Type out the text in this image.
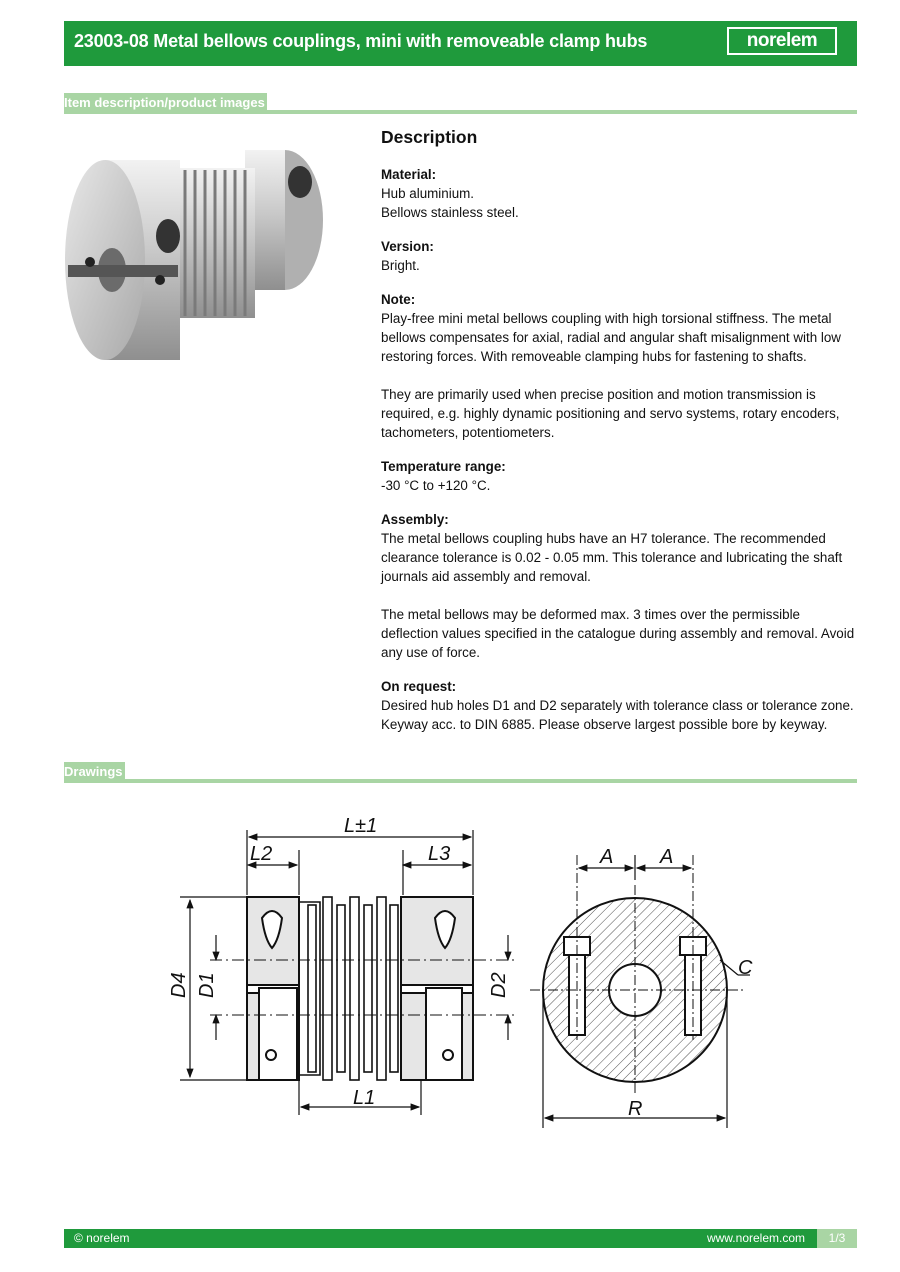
23003-08 Metal bellows couplings, mini with removeable clamp hubs	norelem
Item description/product images
Description
Material:

Hub aluminium.

Bellows stainless steel.

Version:

Bright.

Note:

Play-free mini metal bellows coupling with high torsional stiffness. The metal bellows compensates for axial, radial and angular shaft misalignment with low restoring forces. With removeable clamping hubs for fastening to shafts.

They are primarily used when precise position and motion transmission is required, e.g. highly dynamic positioning and servo systems, rotary encoders, tachometers, potentiometers.

Temperature range:

-30 °C to +120 °C.

Assembly:

The metal bellows coupling hubs have an H7 tolerance. The recommended clearance tolerance is 0.02 - 0.05 mm. This tolerance and lubricating the shaft journals aid assembly and removal.

The metal bellows may be deformed max. 3 times over the permissible deflection values specified in the catalogue during assembly and removal. Avoid any use of force.

On request:

Desired hub holes D1 and D2 separately with tolerance class or tolerance zone. Keyway acc. to DIN 6885. Please observe largest possible bore by keyway.

Drawings
L±1
L2	L3
L1
D4 D1	D2
A A
C
R
© norelem	www.norelem.com	1/3
